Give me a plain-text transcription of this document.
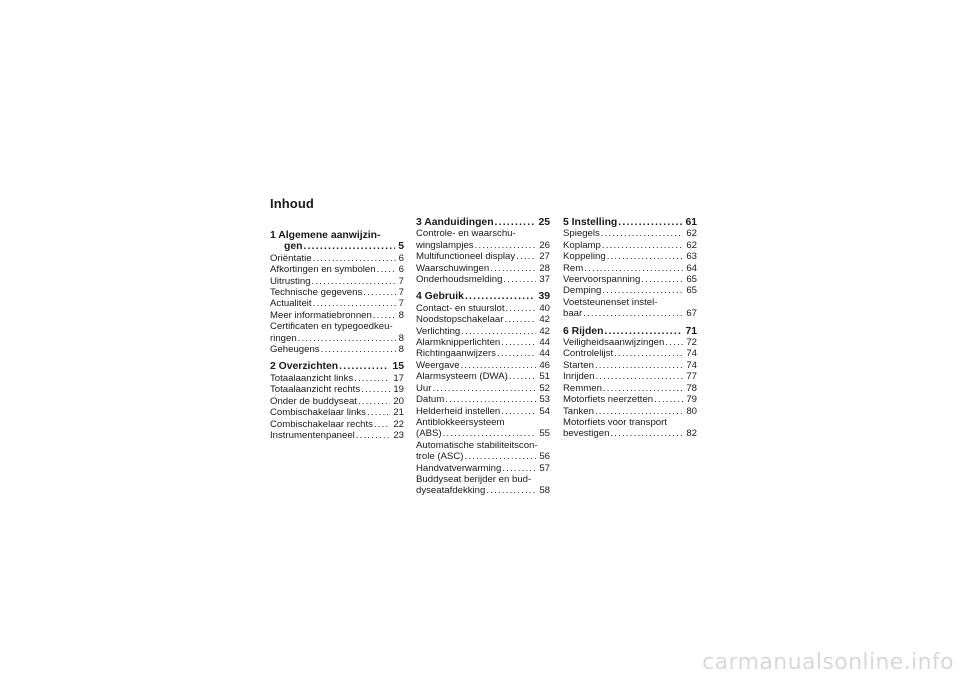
Inhoud
1 Algemene aanwijzin-
gen .....	5
Oriëntatie .....	6
Afkortingen en symbolen ..... 6
Uitrusting .....	7
Technische gegevens .....	7
Actualiteit .....	7
Meer informatiebronnen .....	8
Certificaten en typegoedkeu-
ringen .....	8
Geheugens .....	8
2 Overzichten .....	15
Totaalaanzicht links .....	17
Totaalaanzicht rechts .....	19
Onder de buddyseat .....	20
Combischakelaar links .....	21
Combischakelaar rechts ..... 22
Instrumentenpaneel .....	23
3 Aanduidingen .....	25
Controle- en waarschu-
wingslampjes .....	26
Multifunctioneel display .....	27
Waarschuwingen .....	28
Onderhoudsmelding .....	37
4 Gebruik .....	39
Contact- en stuurslot .....	40
Noodstopschakelaar .....	42
Verlichting .....	42
Alarmknipperlichten .....	44
Richtingaanwijzers .....	44
Weergave .....	46
Alarmsysteem (DWA) .....	51
Uur .....	52
Datum .....	53
Helderheid instellen .....	54
Antiblokkeersysteem
(ABS) .....	55
Automatische stabiliteitscon-
trole (ASC) .....	56
Handvatverwarming .....	57
Buddyseat berijder en bud-
dyseatafdekking .....	58
5 Instelling .....	61
Spiegels .....	62
Koplamp .....	62
Koppeling .....	63
Rem .....	64
Veervoorspanning .....	65
Demping .....	65
Voetsteunenset instel-
baar .....	67
6 Rijden .....	71
Veiligheidsaanwijzingen ..... 72
Controlelijst .....	74
Starten .....	74
Inrijden .....	77
Remmen .....	78
Motorfiets neerzetten .....	79
Tanken .....	80
Motorfiets voor transport
bevestigen .....	82
carmanualsonline.info
